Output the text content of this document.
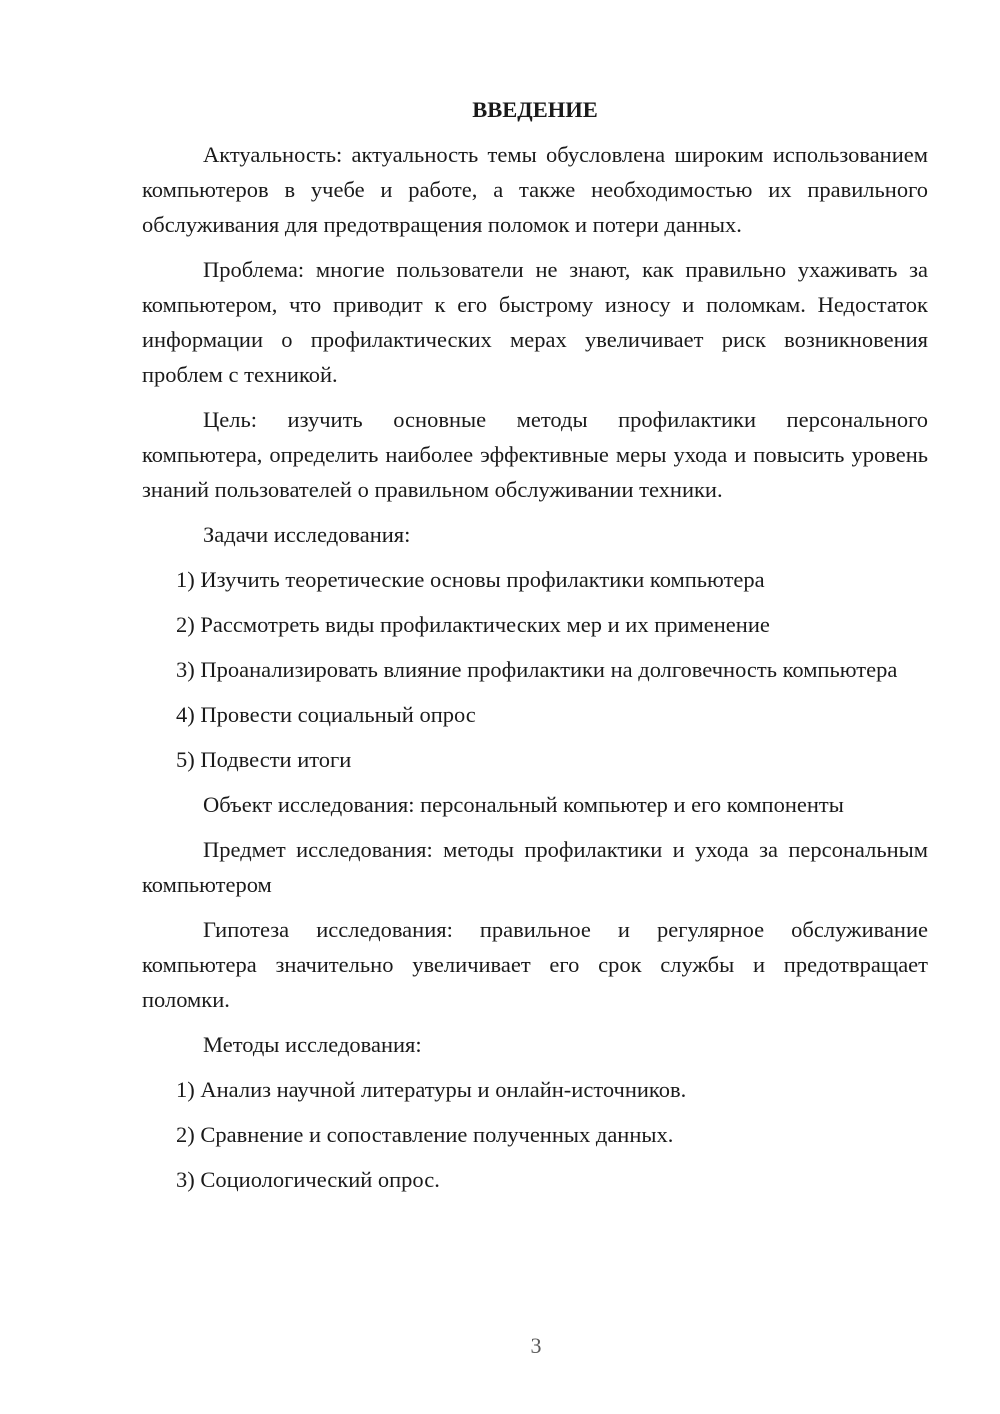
ВВЕДЕНИЕ

Актуальность: актуальность темы обусловлена широким использованием компьютеров в учебе и работе, а также необходимостью их правильного обслуживания для предотвращения поломок и потери данных.

Проблема: многие пользователи не знают, как правильно ухаживать за компьютером, что приводит к его быстрому износу и поломкам. Недостаток информации о профилактических мерах увеличивает риск возникновения проблем с техникой.

Цель: изучить основные методы профилактики персонального компьютера, определить наиболее эффективные меры ухода и повысить уровень знаний пользователей о правильном обслуживании техники.

Задачи исследования:

1) Изучить теоретические основы профилактики компьютера

2) Рассмотреть виды профилактических мер и их применение

3) Проанализировать влияние профилактики на долговечность компьютера

4) Провести социальный опрос

5) Подвести итоги

Объект исследования: персональный компьютер и его компоненты

Предмет исследования: методы профилактики и ухода за персональным компьютером

Гипотеза исследования: правильное и регулярное обслуживание компьютера значительно увеличивает его срок службы и предотвращает поломки.

Методы исследования:

1) Анализ научной литературы и онлайн-источников.

2) Сравнение и сопоставление полученных данных.

3) Социологический опрос.

3
